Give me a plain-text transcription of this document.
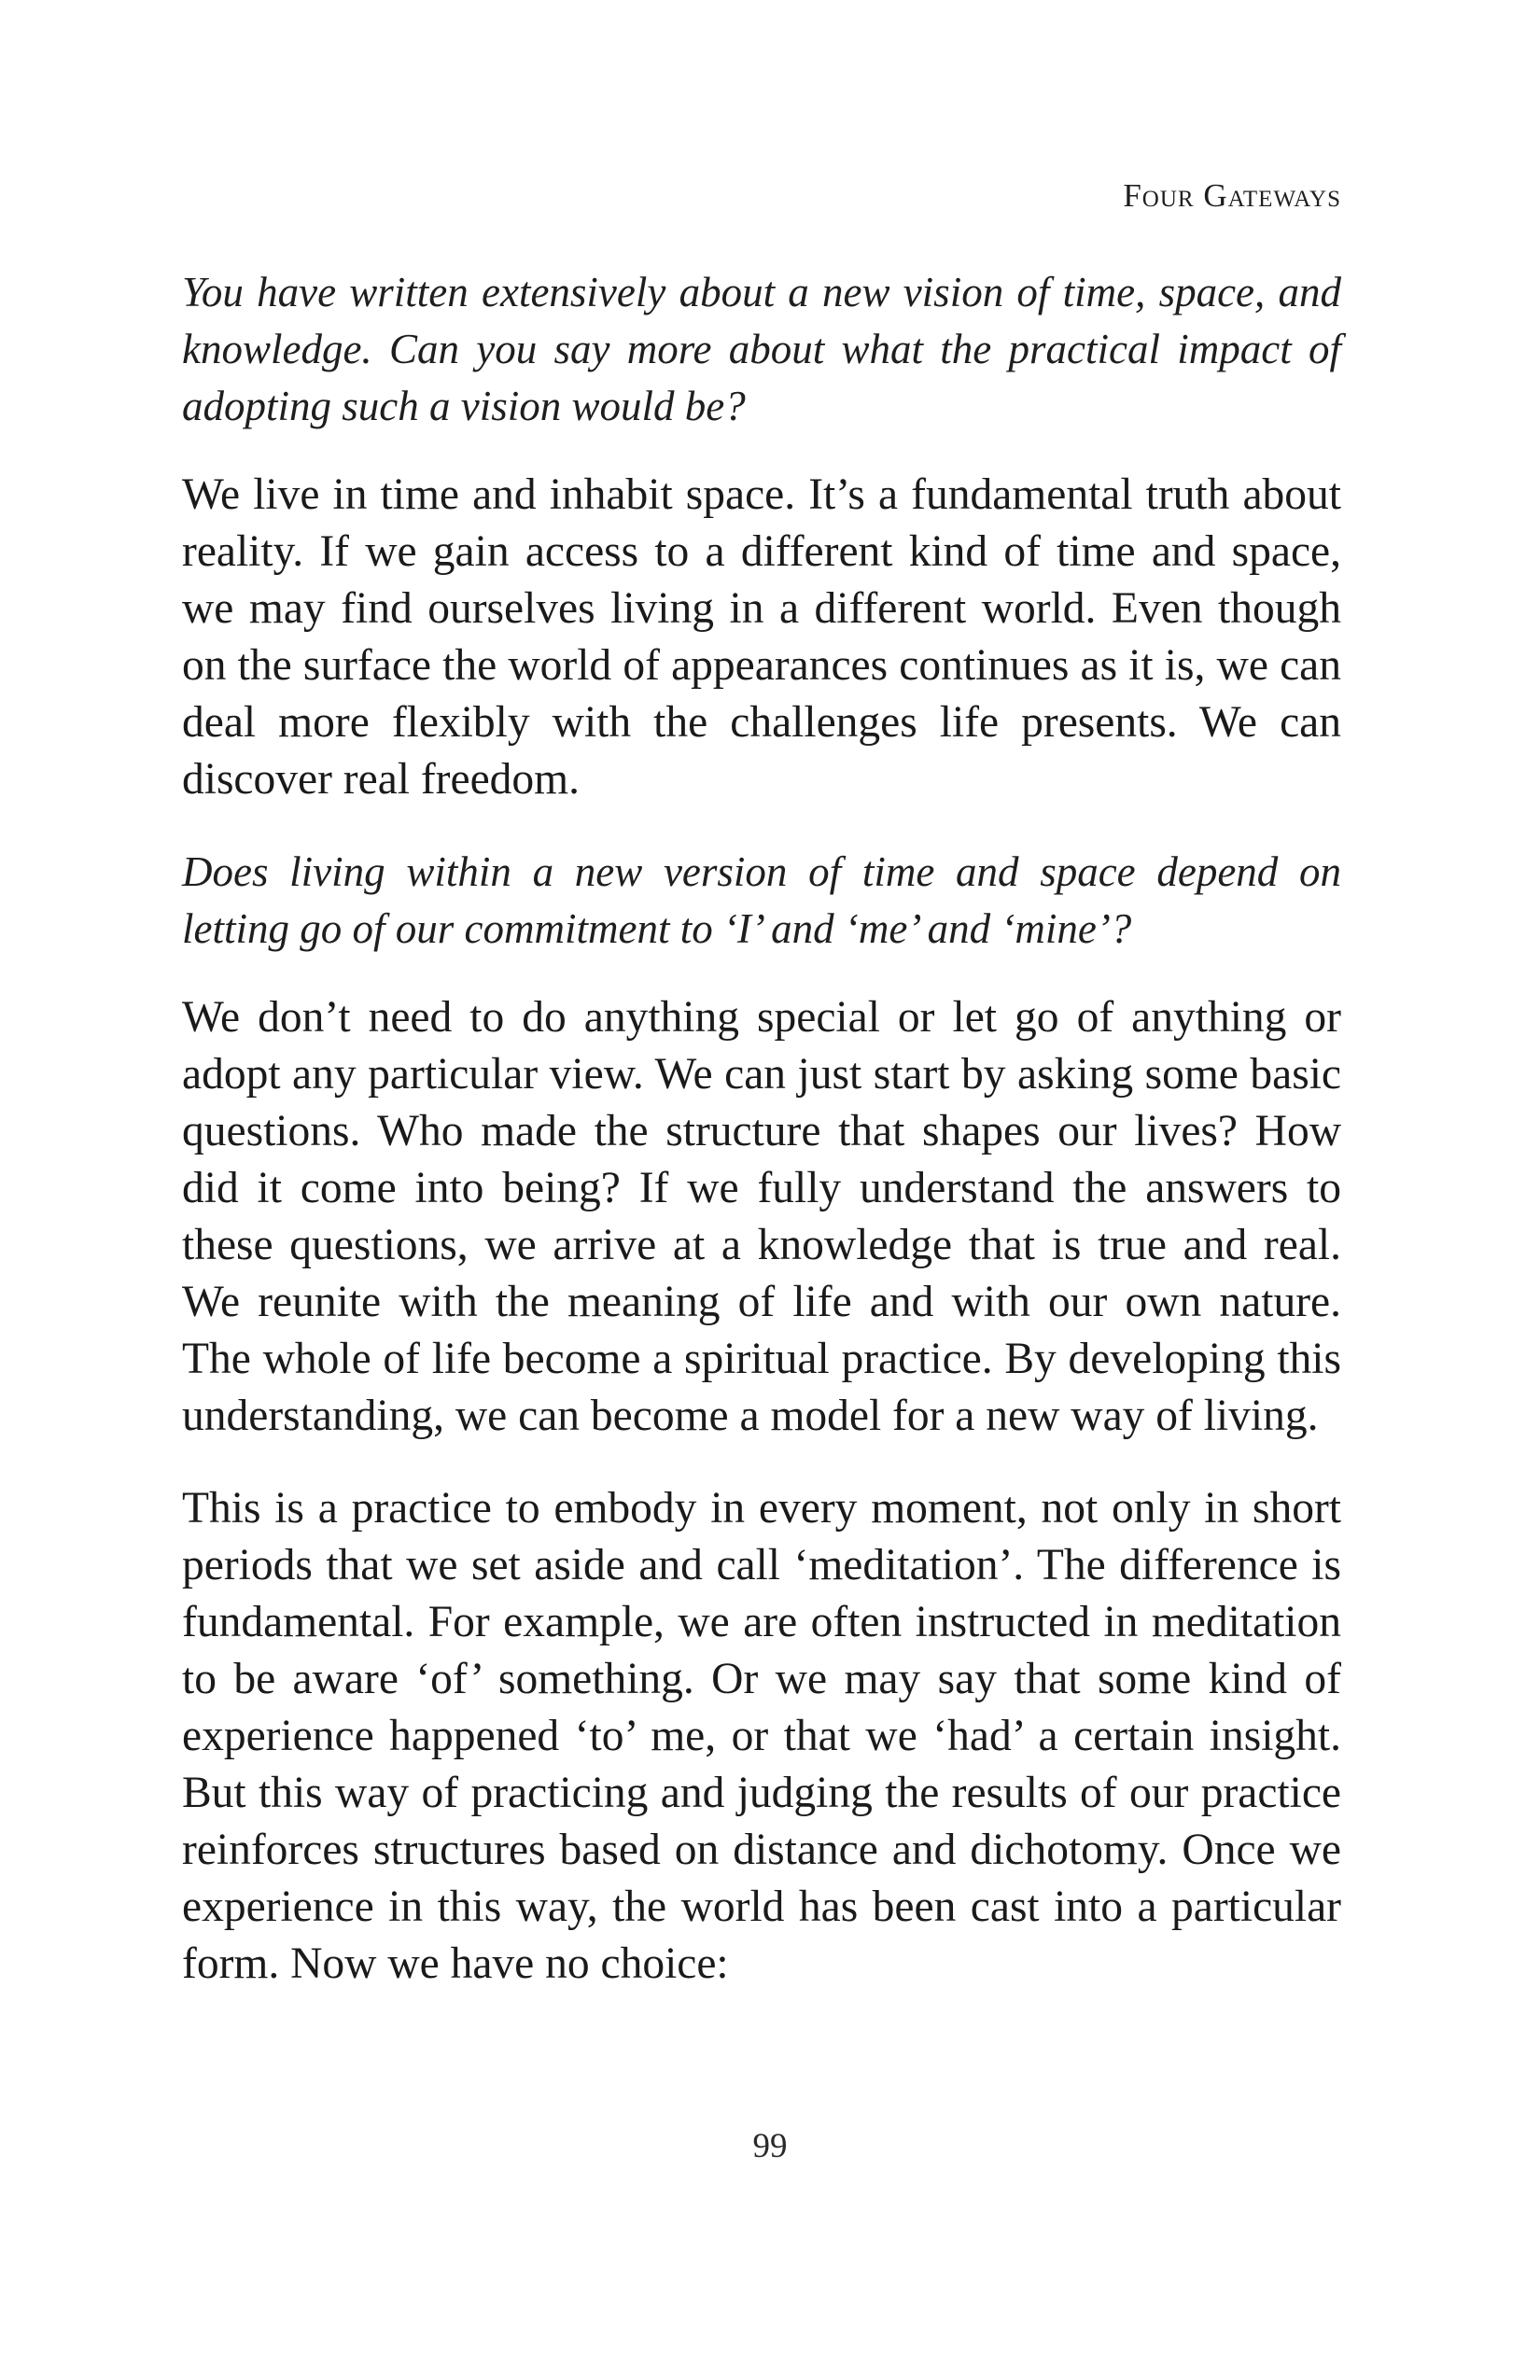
Four Gateways

You have written extensively about a new vision of time, space, and knowledge. Can you say more about what the practical impact of adopting such a vision would be?

We live in time and inhabit space. It’s a fundamental truth about reality. If we gain access to a different kind of time and space, we may find ourselves living in a different world. Even though on the surface the world of appearances continues as it is, we can deal more flexibly with the challenges life presents. We can discover real freedom.

Does living within a new version of time and space depend on letting go of our commitment to ‘I’ and ‘me’ and ‘mine’?

We don’t need to do anything special or let go of anything or adopt any particular view. We can just start by asking some basic questions. Who made the structure that shapes our lives? How did it come into being? If we fully understand the answers to these questions, we arrive at a knowledge that is true and real. We reunite with the meaning of life and with our own nature. The whole of life become a spiritual practice. By developing this understanding, we can become a model for a new way of living.

This is a practice to embody in every moment, not only in short periods that we set aside and call ‘meditation’. The difference is fundamental. For example, we are often instructed in meditation to be aware ‘of’ something. Or we may say that some kind of experience happened ‘to’ me, or that we ‘had’ a certain insight. But this way of practicing and judging the results of our practice reinforces structures based on distance and dichotomy. Once we experience in this way, the world has been cast into a particular form. Now we have no choice:

99
